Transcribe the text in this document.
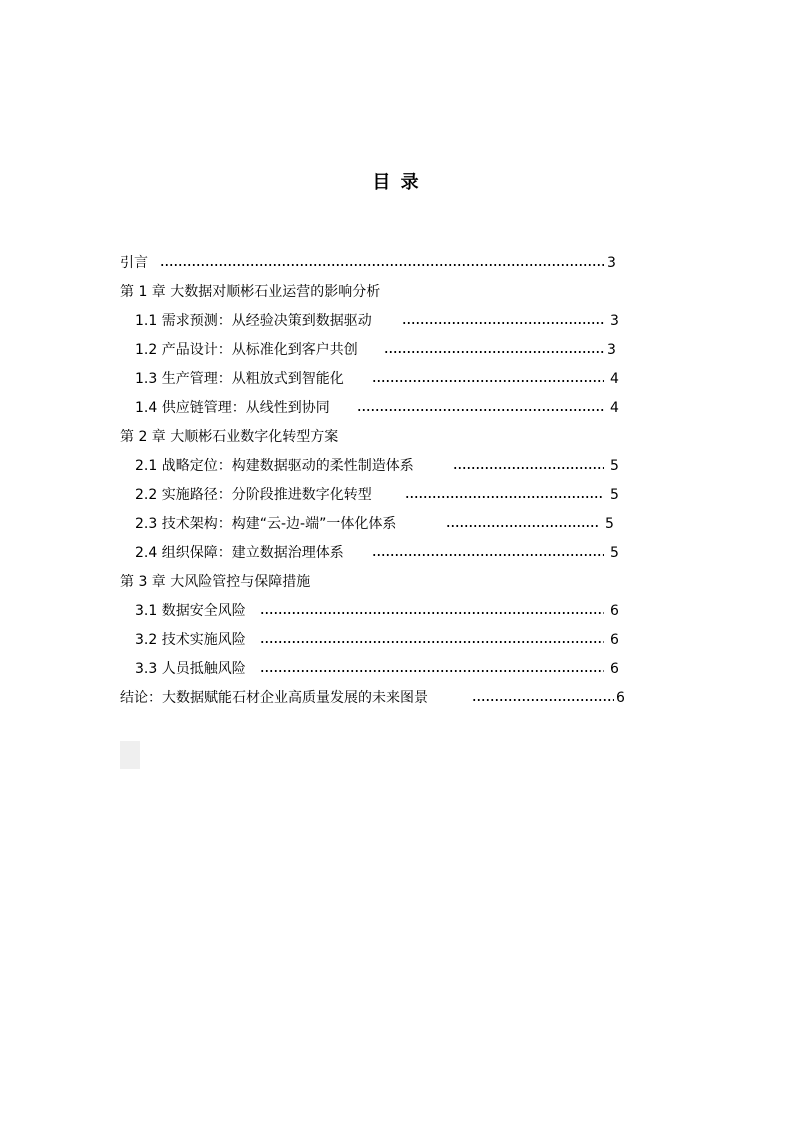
目 录
引言	3
第 1 章 大数据对顺彬石业运营的影响分析
1.1 需求预测：从经验决策到数据驱动	3
1.2 产品设计：从标准化到客户共创	3
1.3 生产管理：从粗放式到智能化	4
1.4 供应链管理：从线性到协同	4
第 2 章 大顺彬石业数字化转型方案
2.1 战略定位：构建数据驱动的柔性制造体系	5
2.2 实施路径：分阶段推进数字化转型	5
2.3 技术架构：构建“云-边-端”一体化体系	5
2.4 组织保障：建立数据治理体系	5
第 3 章 大风险管控与保障措施
3.1 数据安全风险	6
3.2 技术实施风险	6
3.3 人员抵触风险	6
结论：大数据赋能石材企业高质量发展的未来图景	6
